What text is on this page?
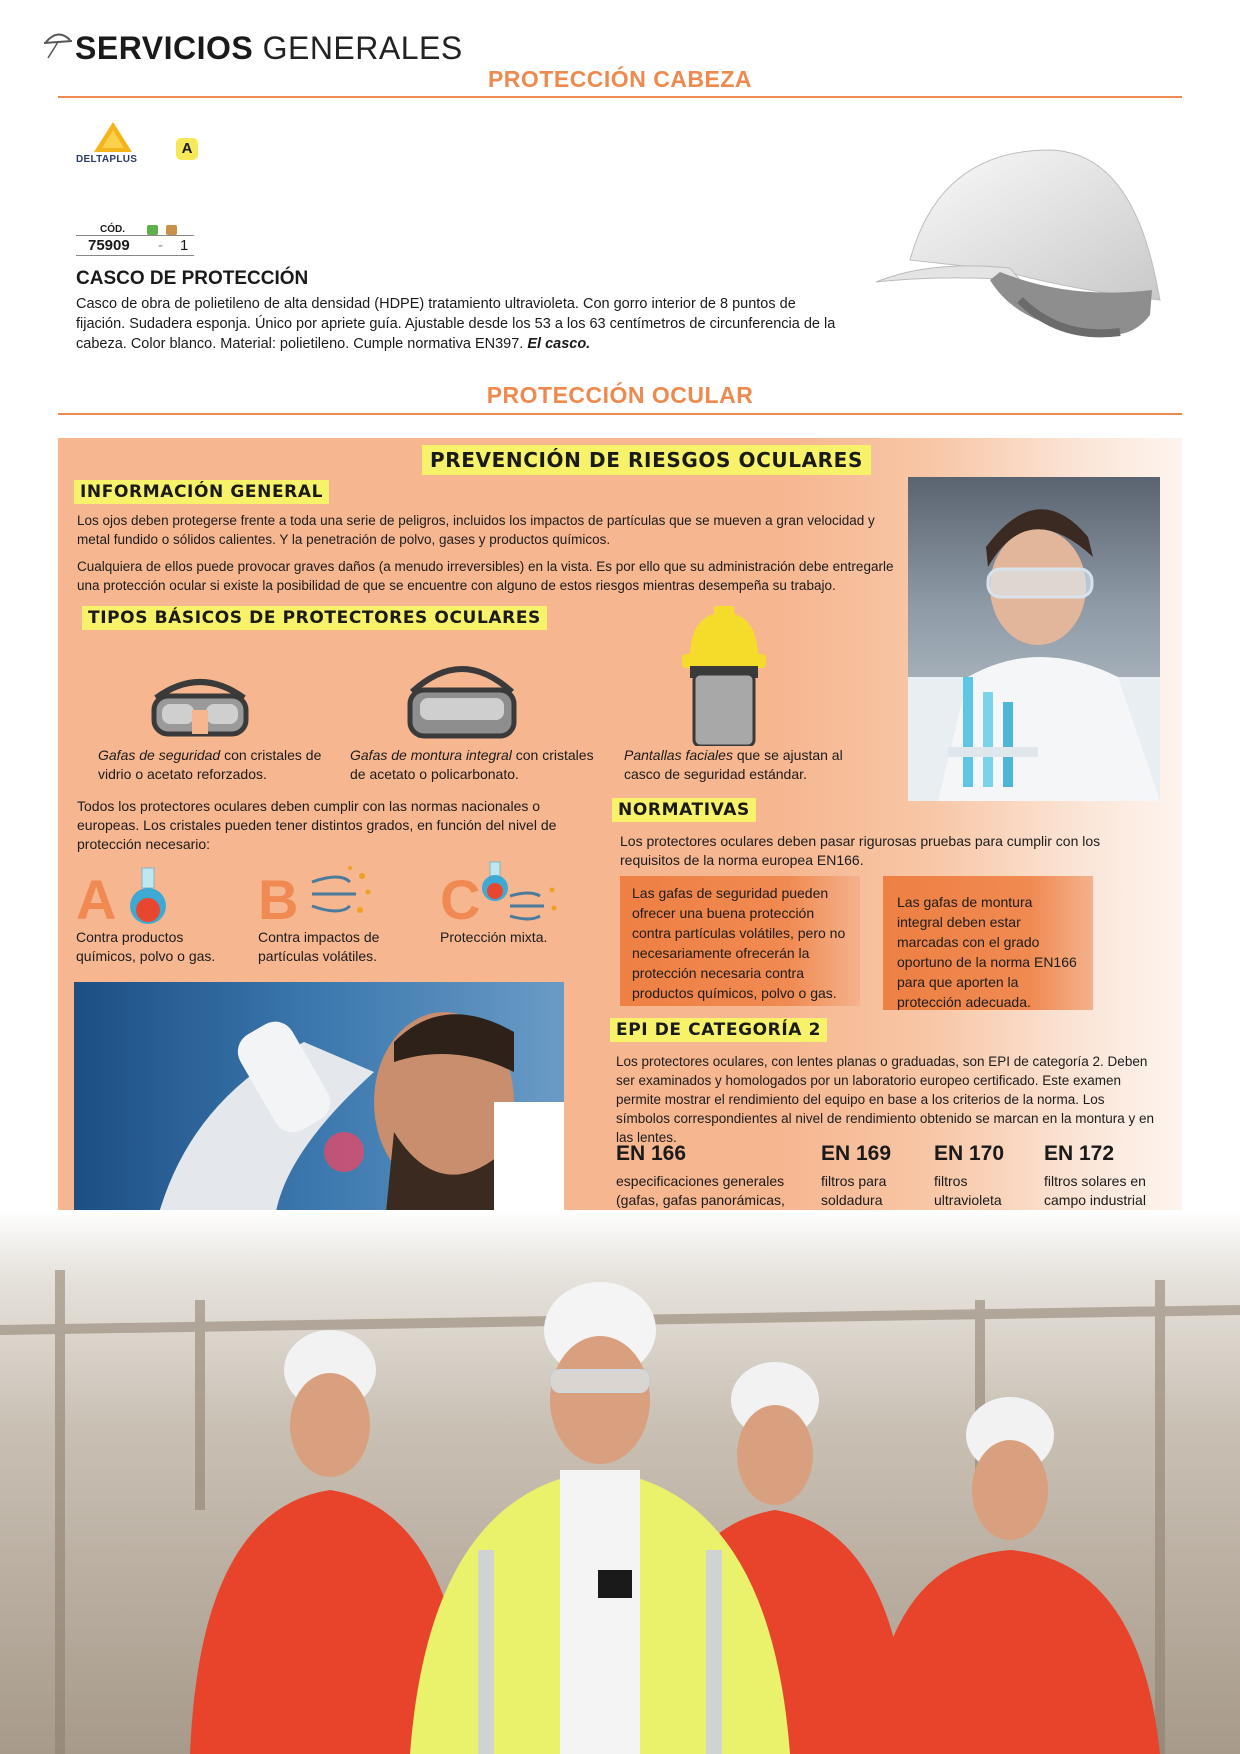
SERVICIOS GENERALES
PROTECCIÓN CABEZA
DELTAPLUS
A
CÓD.
75909	-	1
CASCO DE PROTECCIÓN
Casco de obra de polietileno de alta densidad (HDPE) tratamiento ultravioleta. Con gorro interior de 8 puntos de fijación. Sudadera esponja. Único por apriete guía. Ajustable desde los 53 a los 63 centímetros de circunferencia de la cabeza. Color blanco. Material: polietileno. Cumple normativa EN397. El casco.
PROTECCIÓN OCULAR
PREVENCIÓN DE RIESGOS OCULARES
INFORMACIÓN GENERAL
Los ojos deben protegerse frente a toda una serie de peligros, incluidos los impactos de partículas que se mueven a gran velocidad y metal fundido o sólidos calientes. Y la penetración de polvo, gases y productos químicos.
Cualquiera de ellos puede provocar graves daños (a menudo irreversibles) en la vista. Es por ello que su administración debe entregarle una protección ocular si existe la posibilidad de que se encuentre con alguno de estos riesgos mientras desempeña su trabajo.
TIPOS BÁSICOS DE PROTECTORES OCULARES
Gafas de seguridad con cristales de vidrio o acetato reforzados.
Gafas de montura integral con cristales de acetato o policarbonato.
Pantallas faciales que se ajustan al casco de seguridad estándar.
Todos los protectores oculares deben cumplir con las normas nacionales o europeas. Los cristales pueden tener distintos grados, en función del nivel de protección necesario:
A
Contra productos químicos, polvo o gas.
B
Contra impactos de partículas volátiles.
C
Protección mixta.
NORMATIVAS
Los protectores oculares deben pasar rigurosas pruebas para cumplir con los requisitos de la norma europea EN166.
Las gafas de seguridad pueden ofrecer una buena protección contra partículas volátiles, pero no necesariamente ofrecerán la protección necesaria contra productos químicos, polvo o gas.
Las gafas de montura integral deben estar marcadas con el grado oportuno de la norma EN166 para que aporten la protección adecuada.
EPI DE CATEGORÍA 2
Los protectores oculares, con lentes planas o graduadas, son EPI de categoría 2. Deben ser examinados y homologados por un laboratorio europeo certificado. Este examen permite mostrar el rendimiento del equipo en base a los criterios de la norma. Los símbolos correspondientes al nivel de rendimiento obtenido se marcan en la montura y en las lentes.
EN 166
especificaciones generales (gafas, gafas panorámicas,
EN 169
filtros para soldadura
EN 170
filtros ultravioleta
EN 172
filtros solares en campo industrial
